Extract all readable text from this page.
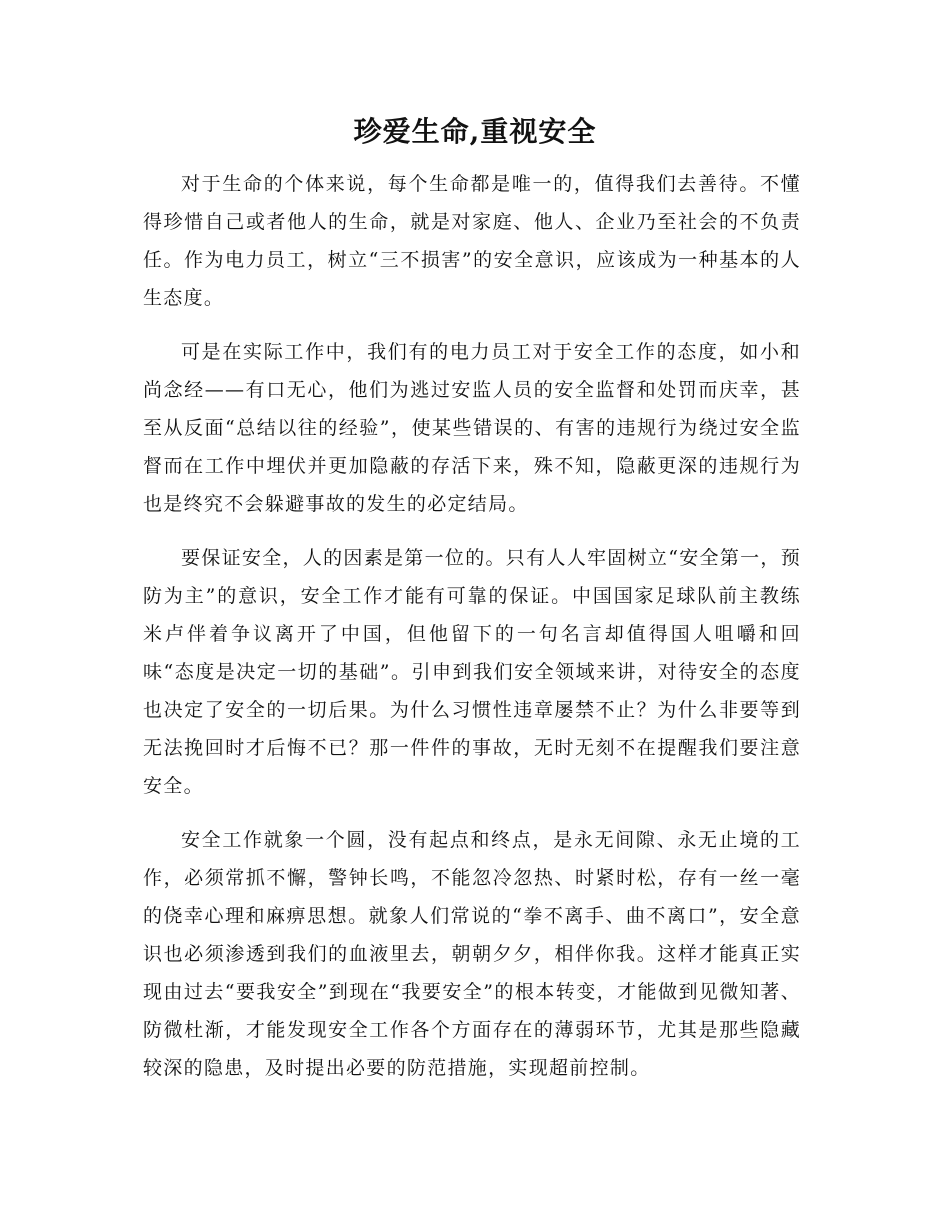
珍爱生命,重视安全

对于生命的个体来说，每个生命都是唯一的，值得我们去善待。不懂得珍惜自己或者他人的生命，就是对家庭、他人、企业乃至社会的不负责任。作为电力员工，树立“三不损害”的安全意识，应该成为一种基本的人生态度。

可是在实际工作中，我们有的电力员工对于安全工作的态度，如小和尚念经——有口无心，他们为逃过安监人员的安全监督和处罚而庆幸，甚至从反面“总结以往的经验”，使某些错误的、有害的违规行为绕过安全监督而在工作中埋伏并更加隐蔽的存活下来，殊不知，隐蔽更深的违规行为也是终究不会躲避事故的发生的必定结局。

要保证安全，人的因素是第一位的。只有人人牢固树立“安全第一，预防为主”的意识，安全工作才能有可靠的保证。中国国家足球队前主教练米卢伴着争议离开了中国，但他留下的一句名言却值得国人咀嚼和回味“态度是决定一切的基础”。引申到我们安全领域来讲，对待安全的态度也决定了安全的一切后果。为什么习惯性违章屡禁不止？为什么非要等到无法挽回时才后悔不已？那一件件的事故，无时无刻不在提醒我们要注意安全。

安全工作就象一个圆，没有起点和终点，是永无间隙、永无止境的工作，必须常抓不懈，警钟长鸣，不能忽冷忽热、时紧时松，存有一丝一毫的侥幸心理和麻痹思想。就象人们常说的“拳不离手、曲不离口”，安全意识也必须渗透到我们的血液里去，朝朝夕夕，相伴你我。这样才能真正实现由过去“要我安全”到现在“我要安全”的根本转变，才能做到见微知著、防微杜渐，才能发现安全工作各个方面存在的薄弱环节，尤其是那些隐藏较深的隐患，及时提出必要的防范措施，实现超前控制。
